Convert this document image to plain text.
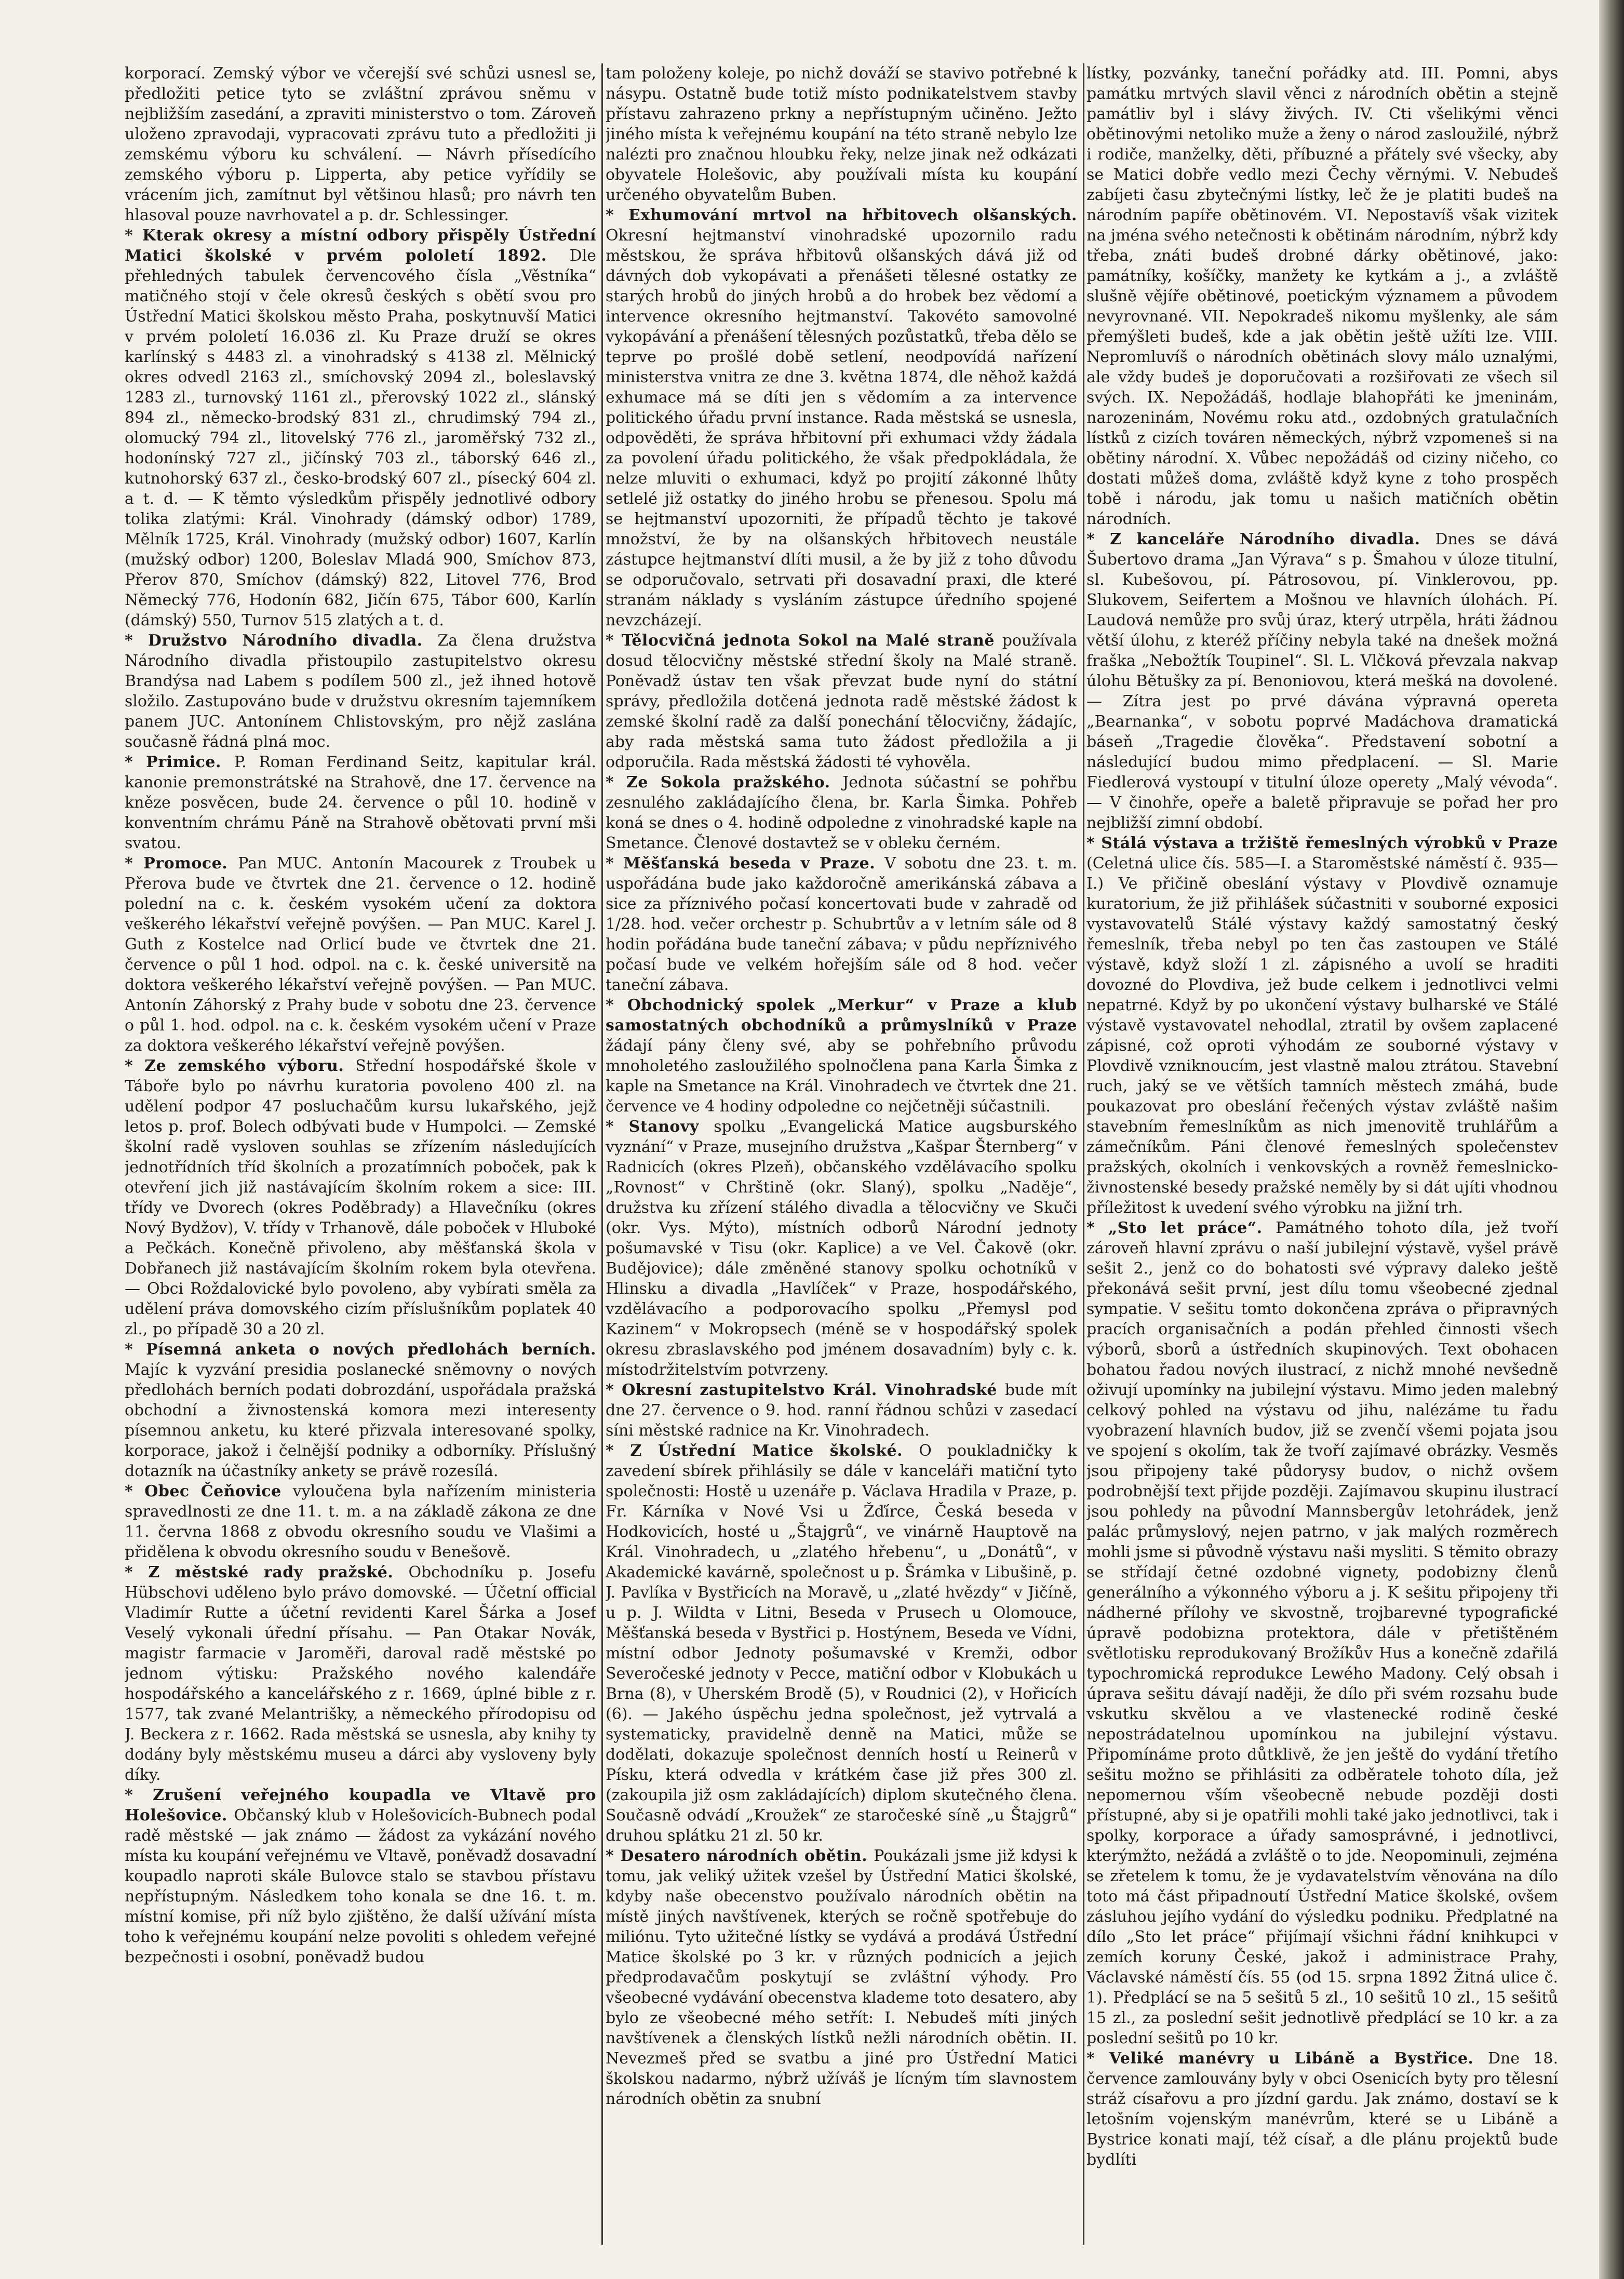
korporací. Zemský výbor ve včerejší své schůzi usnesl se, předložiti petice tyto se zvláštní zprávou sněmu v nejbližším zasedání, a zpraviti ministerstvo o tom. Zároveň uloženo zpravodaji, vypracovati zprávu tuto a předložiti ji zemskému výboru ku schválení. — Návrh přísedícího zemského výboru p. Lipperta, aby petice vyřídily se vrácením jich, zamítnut byl většinou hlasů; pro návrh ten hlasoval pouze navrhovatel a p. dr. Schlessinger.

* Kterak okresy a místní odbory přispěly Ústřední Matici školské v prvém pololetí 1892. Dle přehledných tabulek červencového čísla „Věstníka“ matičného stojí v čele okresů českých s obětí svou pro Ústřední Matici školskou město Praha, poskytnuvší Matici v prvém pololetí 16.036 zl. Ku Praze druží se okres karlínský s 4483 zl. a vinohradský s 4138 zl. Mělnický okres odvedl 2163 zl., smíchovský 2094 zl., boleslavský 1283 zl., turnovský 1161 zl., přerovský 1022 zl., slánský 894 zl., německo-brodský 831 zl., chrudimský 794 zl., olomucký 794 zl., litovelský 776 zl., jaroměřský 732 zl., hodonínský 727 zl., jičínský 703 zl., táborský 646 zl., kutnohorský 637 zl., česko-brodský 607 zl., písecký 604 zl. a t. d. — K těmto výsledkům přispěly jednotlivé odbory tolika zlatými: Král. Vinohrady (dámský odbor) 1789, Mělník 1725, Král. Vinohrady (mužský odbor) 1607, Karlín (mužský odbor) 1200, Boleslav Mladá 900, Smíchov 873, Přerov 870, Smíchov (dámský) 822, Litovel 776, Brod Německý 776, Hodonín 682, Jičín 675, Tábor 600, Karlín (dámský) 550, Turnov 515 zlatých a t. d.

* Družstvo Národního divadla. Za člena družstva Národního divadla přistoupilo zastupitelstvo okresu Brandýsa nad Labem s podílem 500 zl., jež ihned hotově složilo. Zastupováno bude v družstvu okresním tajemníkem panem JUC. Antonínem Chlistovským, pro nějž zaslána současně řádná plná moc.

* Primice. P. Roman Ferdinand Seitz, kapitular král. kanonie premonstrátské na Strahově, dne 17. července na kněze posvěcen, bude 24. července o půl 10. hodině v konventním chrámu Páně na Strahově obětovati první mši svatou.

* Promoce. Pan MUC. Antonín Macourek z Troubek u Přerova bude ve čtvrtek dne 21. července o 12. hodině polední na c. k. českém vysokém učení za doktora veškerého lékařství veřejně povýšen. — Pan MUC. Karel J. Guth z Kostelce nad Orlicí bude ve čtvrtek dne 21. července o půl 1 hod. odpol. na c. k. české universitě na doktora veškerého lékařství veřejně povýšen. — Pan MUC. Antonín Záhorský z Prahy bude v sobotu dne 23. července o půl 1. hod. odpol. na c. k. českém vysokém učení v Praze za doktora veškerého lékařství veřejně povýšen.

* Ze zemského výboru. Střední hospodářské škole v Táboře bylo po návrhu kuratoria povoleno 400 zl. na udělení podpor 47 posluchačům kursu lukařského, jejž letos p. prof. Bolech odbývati bude v Humpolci. — Zemské školní radě vysloven souhlas se zřízením následujících jednotřídních tříd školních a prozatímních poboček, pak k otevření jich již nastávajícím školním rokem a sice: III. třídy ve Dvorech (okres Poděbrady) a Hlavečníku (okres Nový Bydžov), V. třídy v Trhanově, dále poboček v Hluboké a Pečkách. Konečně přivoleno, aby měšťanská škola v Dobřanech již nastávajícím školním rokem byla otevřena. — Obci Roždalovické bylo povoleno, aby vybírati směla za udělení práva domovského cizím příslušníkům poplatek 40 zl., po případě 30 a 20 zl.

* Písemná anketa o nových předlohách berních. Majíc k vyzvání presidia poslanecké sněmovny o nových předlohách berních podati dobrozdání, uspořádala pražská obchodní a živnostenská komora mezi interesenty písemnou anketu, ku které přizvala interesované spolky, korporace, jakož i čelnější podniky a odborníky. Příslušný dotazník na účastníky ankety se právě rozesílá.

* Obec Čeňovice vyloučena byla nařízením ministeria spravedlnosti ze dne 11. t. m. a na základě zákona ze dne 11. června 1868 z obvodu okresního soudu ve Vlašimi a přidělena k obvodu okresního soudu v Benešově.

* Z městské rady pražské. Obchodníku p. Josefu Hübschovi uděleno bylo právo domovské. — Účetní official Vladimír Rutte a účetní revidenti Karel Šárka a Josef Veselý vykonali úřední přísahu. — Pan Otakar Novák, magistr farmacie v Jaroměři, daroval radě městské po jednom výtisku: Pražského nového kalendáře hospodářského a kancelářského z r. 1669, úplné bible z r. 1577, tak zvané Melantrišky, a německého přírodopisu od J. Beckera z r. 1662. Rada městská se usnesla, aby knihy ty dodány byly městskému museu a dárci aby vysloveny byly díky.

* Zrušení veřejného koupadla ve Vltavě pro Holešovice. Občanský klub v Holešovicích-Bubnech podal radě městské — jak známo — žádost za vykázání nového místa ku koupání veřejnému ve Vltavě, poněvadž dosavadní koupadlo naproti skále Bulovce stalo se stavbou přístavu nepřístupným. Následkem toho konala se dne 16. t. m. místní komise, při níž bylo zjištěno, že další užívání místa toho k veřejnému koupání nelze povoliti s ohledem veřejné bezpečnosti i osobní, poněvadž budou

tam položeny koleje, po nichž dováží se stavivo potřebné k násypu. Ostatně bude totiž místo podnikatelstvem stavby přístavu zahrazeno prkny a nepřístupným učiněno. Ježto jiného místa k veřejnému koupání na této straně nebylo lze nalézti pro značnou hloubku řeky, nelze jinak než odkázati obyvatele Holešovic, aby používali místa ku koupání určeného obyvatelům Buben.

* Exhumování mrtvol na hřbitovech olšanských. Okresní hejtmanství vinohradské upozornilo radu městskou, že správa hřbitovů olšanských dává již od dávných dob vykopávati a přenášeti tělesné ostatky ze starých hrobů do jiných hrobů a do hrobek bez vědomí a intervence okresního hejtmanství. Takovéto samovolné vykopávání a přenášení tělesných pozůstatků, třeba dělo se teprve po prošlé době setlení, neodpovídá nařízení ministerstva vnitra ze dne 3. května 1874, dle něhož každá exhumace má se díti jen s vědomím a za intervence politického úřadu první instance. Rada městská se usnesla, odpověděti, že správa hřbitovní při exhumaci vždy žádala za povolení úřadu politického, že však předpokládala, že nelze mluviti o exhumaci, když po projití zákonné lhůty setlelé již ostatky do jiného hrobu se přenesou. Spolu má se hejtmanství upozorniti, že případů těchto je takové množství, že by na olšanských hřbitovech neustále zástupce hejtmanství dlíti musil, a že by již z toho důvodu se odporučovalo, setrvati při dosavadní praxi, dle které stranám náklady s vysláním zástupce úředního spojené nevzcházejí.

* Tělocvičná jednota Sokol na Malé straně používala dosud tělocvičny městské střední školy na Malé straně. Poněvadž ústav ten však převzat bude nyní do státní správy, předložila dotčená jednota radě městské žádost k zemské školní radě za další ponechání tělocvičny, žádajíc, aby rada městská sama tuto žádost předložila a ji odporučila. Rada městská žádosti té vyhověla.

* Ze Sokola pražského. Jednota súčastní se pohřbu zesnulého zakládajícího člena, br. Karla Šimka. Pohřeb koná se dnes o 4. hodině odpoledne z vinohradské kaple na Smetance. Členové dostavtež se v obleku černém.

* Měšťanská beseda v Praze. V sobotu dne 23. t. m. uspořádána bude jako každoročně amerikánská zábava a sice za příznivého počasí koncertovati bude v zahradě od 1/28. hod. večer orchestr p. Schubrtův a v letním sále od 8 hodin pořádána bude taneční zábava; v půdu nepříznivého počasí bude ve velkém hořejším sále od 8 hod. večer taneční zábava.

* Obchodnický spolek „Merkur“ v Praze a klub samostatných obchodníků a průmyslníků v Praze žádají pány členy své, aby se pohřebního průvodu mnoholetého zasloužilého spolnočlena pana Karla Šimka z kaple na Smetance na Král. Vinohradech ve čtvrtek dne 21. července ve 4 hodiny odpoledne co nejčetněji súčastnili.

* Stanovy spolku „Evangelická Matice augsburského vyznání“ v Praze, musejního družstva „Kašpar Šternberg“ v Radnicích (okres Plzeň), občanského vzdělávacího spolku „Rovnost“ v Chrštině (okr. Slaný), spolku „Naděje“, družstva ku zřízení stálého divadla a tělocvičny ve Skuči (okr. Vys. Mýto), místních odborů Národní jednoty pošumavské v Tisu (okr. Kaplice) a ve Vel. Čakově (okr. Budějovice); dále změněné stanovy spolku ochotníků v Hlinsku a divadla „Havlíček“ v Praze, hospodářského, vzdělávacího a podporovacího spolku „Přemysl pod Kazinem“ v Mokropsech (méně se v hospodářský spolek okresu zbraslavského pod jménem dosavadním) byly c. k. místodržitelstvím potvrzeny.

* Okresní zastupitelstvo Král. Vinohradské bude mít dne 27. července o 9. hod. ranní řádnou schůzi v zasedací síni městské radnice na Kr. Vinohradech.

* Z Ústřední Matice školské. O poukladničky k zavedení sbírek přihlásily se dále v kanceláři matiční tyto společnosti: Hostě u uzenáře p. Václava Hradila v Praze, p. Fr. Kárníka v Nové Vsi u Žďírce, Česká beseda v Hodkovicích, hosté u „Štajgrů“, ve vinárně Hauptově na Král. Vinohradech, u „zlatého hřebenu“, u „Donátů“, v Akademické kavárně, společnost u p. Šrámka v Libušině, p. J. Pavlíka v Bystřicích na Moravě, u „zlaté hvězdy“ v Jičíně, u p. J. Wildta v Litni, Beseda v Prusech u Olomouce, Měšťanská beseda v Bystřici p. Hostýnem, Beseda ve Vídni, místní odbor Jednoty pošumavské v Kremži, odbor Severočeské jednoty v Pecce, matiční odbor v Klobukách u Brna (8), v Uherském Brodě (5), v Roudnici (2), v Hořicích (6). — Jakého úspěchu jedna společnost, jež vytrvalá a systematicky, pravidelně denně na Matici, může se dodělati, dokazuje společnost denních hostí u Reinerů v Písku, která odvedla v krátkém čase již přes 300 zl. (zakoupila již osm zakládajících) diplom skutečného člena. Současně odvádí „Kroužek“ ze staročeské síně „u Štajgrů“ druhou splátku 21 zl. 50 kr.

* Desatero národních obětin. Poukázali jsme již kdysi k tomu, jak veliký užitek vzešel by Ústřední Matici školské, kdyby naše obecenstvo používalo národních obětin na místě jiných navštívenek, kterých se ročně spotřebuje do miliónu. Tyto užitečné lístky se vydává a prodává Ústřední Matice školské po 3 kr. v různých podnicích a jejich předprodavačům poskytují se zvláštní výhody. Pro všeobecné vydávání obecenstva klademe toto desatero, aby bylo ze všeobecné mého setřít: I. Nebudeš míti jiných navštívenek a členských lístků nežli národních obětin. II. Nevezmeš před se svatbu a jiné pro Ústřední Matici školskou nadarmo, nýbrž užíváš je lícným tím slavnostem národních obětin za snubní

lístky, pozvánky, taneční pořádky atd. III. Pomni, abys památku mrtvých slavil věnci z národních obětin a stejně památliv byl i slávy živých. IV. Cti všelikými věnci obětinovými netoliko muže a ženy o národ zasloužilé, nýbrž i rodiče, manželky, děti, příbuzné a přátely své všecky, aby se Matici dobře vedlo mezi Čechy věrnými. V. Nebudeš zabíjeti času zbytečnými lístky, leč že je platiti budeš na národním papíře obětinovém. VI. Nepostavíš však vizitek na jména svého netečnosti k obětinám národním, nýbrž kdy třeba, znáti budeš drobné dárky obětinové, jako: památníky, košíčky, manžety ke kytkám a j., a zvláště slušně vějíře obětinové, poetickým významem a původem nevyrovnané. VII. Nepokradeš nikomu myšlenky, ale sám přemýšleti budeš, kde a jak obětin ještě užíti lze. VIII. Nepromluvíš o národních obětinách slovy málo uznalými, ale vždy budeš je doporučovati a rozšiřovati ze všech sil svých. IX. Nepožádáš, hodlaje blahopřáti ke jmeninám, narozeninám, Novému roku atd., ozdobných gratulačních lístků z cizích továren německých, nýbrž vzpomeneš si na obětiny národní. X. Vůbec nepožádáš od ciziny ničeho, co dostati můžeš doma, zvláště když kyne z toho prospěch tobě i národu, jak tomu u našich matičních obětin národních.

* Z kanceláře Národního divadla. Dnes se dává Šubertovo drama „Jan Výrava“ s p. Šmahou v úloze titulní, sl. Kubešovou, pí. Pátrosovou, pí. Vinklerovou, pp. Slukovem, Seifertem a Mošnou ve hlavních úlohách. Pí. Laudová nemůže pro svůj úraz, který utrpěla, hráti žádnou větší úlohu, z kteréž příčiny nebyla také na dnešek možná fraška „Nebožtík Toupinel“. Sl. L. Vlčková převzala nakvap úlohu Bětušky za pí. Benoniovou, která mešká na dovolené. — Zítra jest po prvé dávána výpravná opereta „Bearnanka“, v sobotu poprvé Madáchova dramatická báseň „Tragedie člověka“. Představení sobotní a následující budou mimo předplacení. — Sl. Marie Fiedlerová vystoupí v titulní úloze operety „Malý vévoda“. — V činohře, opeře a baletě připravuje se pořad her pro nejbližší zimní období.

* Stálá výstava a tržiště řemeslných výrobků v Praze (Celetná ulice čís. 585—I. a Staroměstské náměstí č. 935—I.) Ve přičině obeslání výstavy v Plovdivě oznamuje kuratorium, že již přihlášek súčastniti v souborné exposici vystavovatelů Stálé výstavy každý samostatný český řemeslník, třeba nebyl po ten čas zastoupen ve Stálé výstavě, když složí 1 zl. zápisného a uvolí se hraditi dovozné do Plovdiva, jež bude celkem i jednotlivci velmi nepatrné. Když by po ukončení výstavy bulharské ve Stálé výstavě vystavovatel nehodlal, ztratil by ovšem zaplacené zápisné, což oproti výhodám ze souborné výstavy v Plovdivě vzniknoucím, jest vlastně malou ztrátou. Stavební ruch, jaký se ve větších tamních městech zmáhá, bude poukazovat pro obeslání řečených výstav zvláště našim stavebním řemeslníkům as nich jmenovitě truhlářům a zámečníkům. Páni členové řemeslných společenstev pražských, okolních i venkovských a rovněž řemeslnicko-živnostenské besedy pražské neměly by si dát ujíti vhodnou příležitost k uvedení svého výrobku na jižní trh.

* „Sto let práce“. Památného tohoto díla, jež tvoří zároveň hlavní zprávu o naší jubilejní výstavě, vyšel právě sešit 2., jenž co do bohatosti své výpravy daleko ještě překonává sešit první, jest dílu tomu všeobecné zjednal sympatie. V sešitu tomto dokončena zpráva o připravných pracích organisačních a podán přehled činnosti všech výborů, sborů a ústředních skupinových. Text obohacen bohatou řadou nových ilustrací, z nichž mnohé nevšedně oživují upomínky na jubilejní výstavu. Mimo jeden malebný celkový pohled na výstavu od jihu, nalézáme tu řadu vyobrazení hlavních budov, již se zvenčí všemi pojata jsou ve spojení s okolím, tak že tvoří zajímavé obrázky. Vesměs jsou připojeny také půdorysy budov, o nichž ovšem podrobnější text přijde později. Zajímavou skupinu ilustrací jsou pohledy na původní Mannsbergův letohrádek, jenž palác průmyslový, nejen patrno, v jak malých rozměrech mohli jsme si původně výstavu naši mysliti. S těmito obrazy se střídají četné ozdobné vignety, podobizny členů generálního a výkonného výboru a j. K sešitu připojeny tři nádherné přílohy ve skvostně, trojbarevné typografické úpravě podobizna protektora, dále v přetištěném světlotisku reprodukovaný Brožíkův Hus a konečně zdařilá typochromická reprodukce Lewého Madony. Celý obsah i úprava sešitu dávají naději, že dílo při svém rozsahu bude vskutku skvělou a ve vlastenecké rodině české nepostrádatelnou upomínkou na jubilejní výstavu. Připomínáme proto důtklivě, že jen ještě do vydání třetího sešitu možno se přihlásiti za odběratele tohoto díla, jež nepomernou vším všeobecně nebude později dosti přístupné, aby si je opatřili mohli také jako jednotlivci, tak i spolky, korporace a úřady samosprávné, i jednotlivci, kterýmžto, nežádá a zvláště o to jde. Neopominuli, zejména se zřetelem k tomu, že je vydavatelstvím věnována na dílo toto má část připadnoutí Ústřední Matice školské, ovšem zásluhou jejího vydání do výsledku podniku. Předplatné na dílo „Sto let práce“ přijímají všichni řádní knihkupci v zemích koruny České, jakož i administrace Prahy, Václavské náměstí čís. 55 (od 15. srpna 1892 Žitná ulice č. 1). Předplácí se na 5 sešitů 5 zl., 10 sešitů 10 zl., 15 sešitů 15 zl., za poslední sešit jednotlivě předplácí se 10 kr. a za poslední sešitů po 10 kr.

* Veliké manévry u Libáně a Bystřice. Dne 18. července zamlouvány byly v obci Osenicích byty pro tělesní stráž císařovu a pro jízdní gardu. Jak známo, dostaví se k letošním vojenským manévrům, které se u Libáně a Bystrice konati mají, též císař, a dle plánu projektů bude bydlíti
